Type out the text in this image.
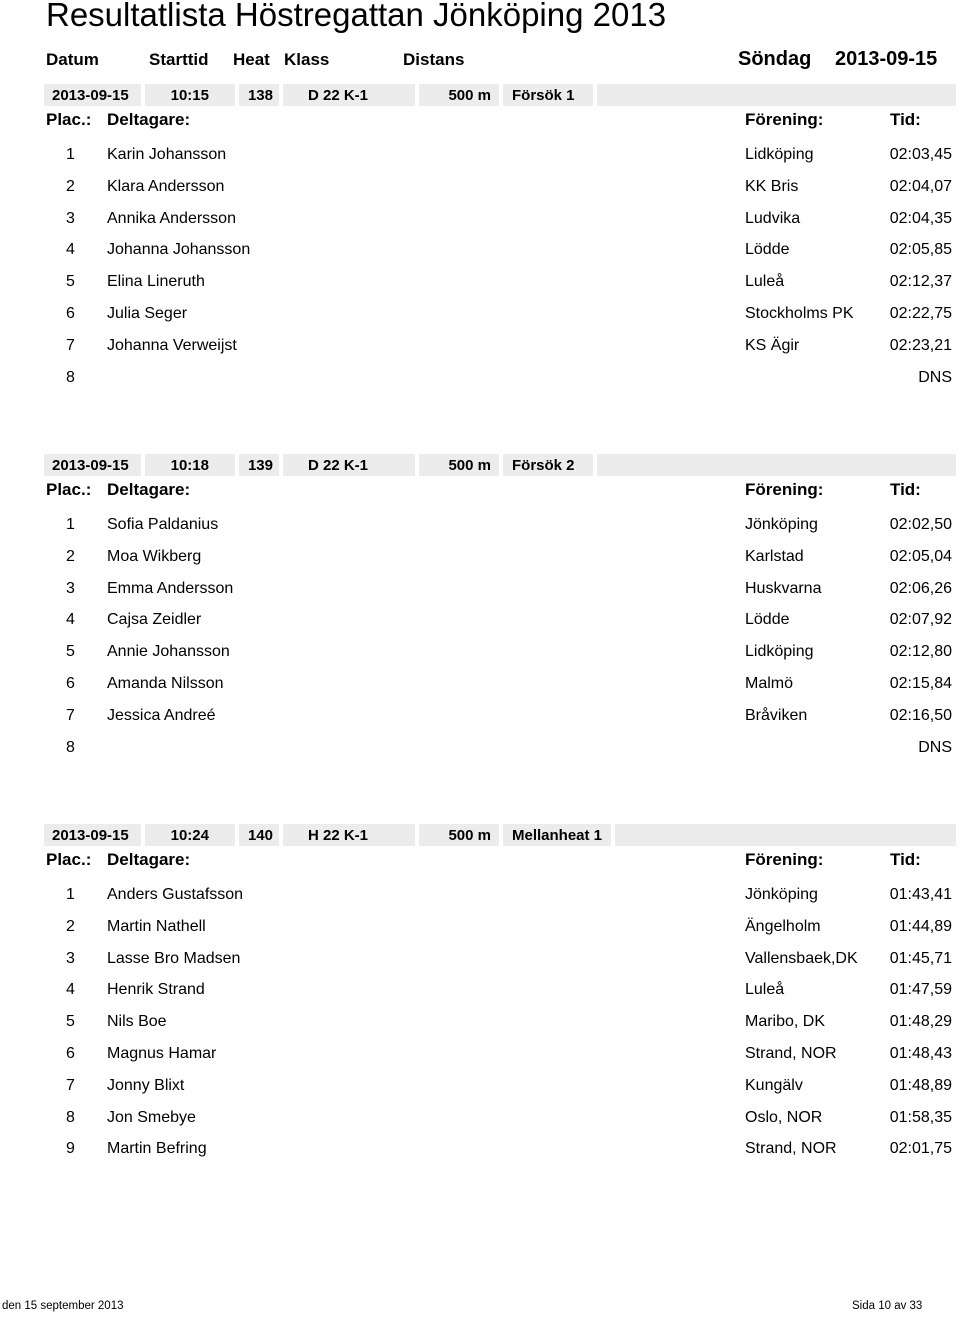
Resultatlista Höstregattan Jönköping 2013
Datum	Starttid Heat Klass	Distans	Söndag 2013-09-15
2013-09-15	10:15	138	D 22 K-1	500 m	Försök 1
Plac.: Deltagare:	Förening:	Tid:
1 Karin Johansson	Lidköping	02:03,45
2 Klara Andersson	KK Bris	02:04,07
3 Annika Andersson	Ludvika	02:04,35
4 Johanna Johansson	Lödde	02:05,85
5 Elina Lineruth	Luleå	02:12,37
6 Julia Seger	Stockholms PK 02:22,75
7 Johanna Verweijst	KS Ägir	02:23,21
8	DNS
2013-09-15	10:18	139	D 22 K-1	500 m	Försök 2
Plac.: Deltagare:	Förening:	Tid:
1 Sofia Paldanius	Jönköping	02:02,50
2 Moa Wikberg	Karlstad	02:05,04
3 Emma Andersson	Huskvarna	02:06,26
4 Cajsa Zeidler	Lödde	02:07,92
5 Annie Johansson	Lidköping	02:12,80
6 Amanda Nilsson	Malmö	02:15,84
7 Jessica Andreé	Bråviken	02:16,50
8	DNS
2013-09-15	10:24	140	H 22 K-1	500 m	Mellanheat 1
Plac.: Deltagare:	Förening:	Tid:
1 Anders Gustafsson	Jönköping	01:43,41
2 Martin Nathell	Ängelholm	01:44,89
3 Lasse Bro Madsen	Vallensbaek,DK 01:45,71
4 Henrik Strand	Luleå	01:47,59
5 Nils Boe	Maribo, DK	01:48,29
6 Magnus Hamar	Strand, NOR	01:48,43
7 Jonny Blixt	Kungälv	01:48,89
8 Jon Smebye	Oslo, NOR	01:58,35
9 Martin Befring	Strand, NOR	02:01,75
den 15 september 2013	Sida 10 av 33
